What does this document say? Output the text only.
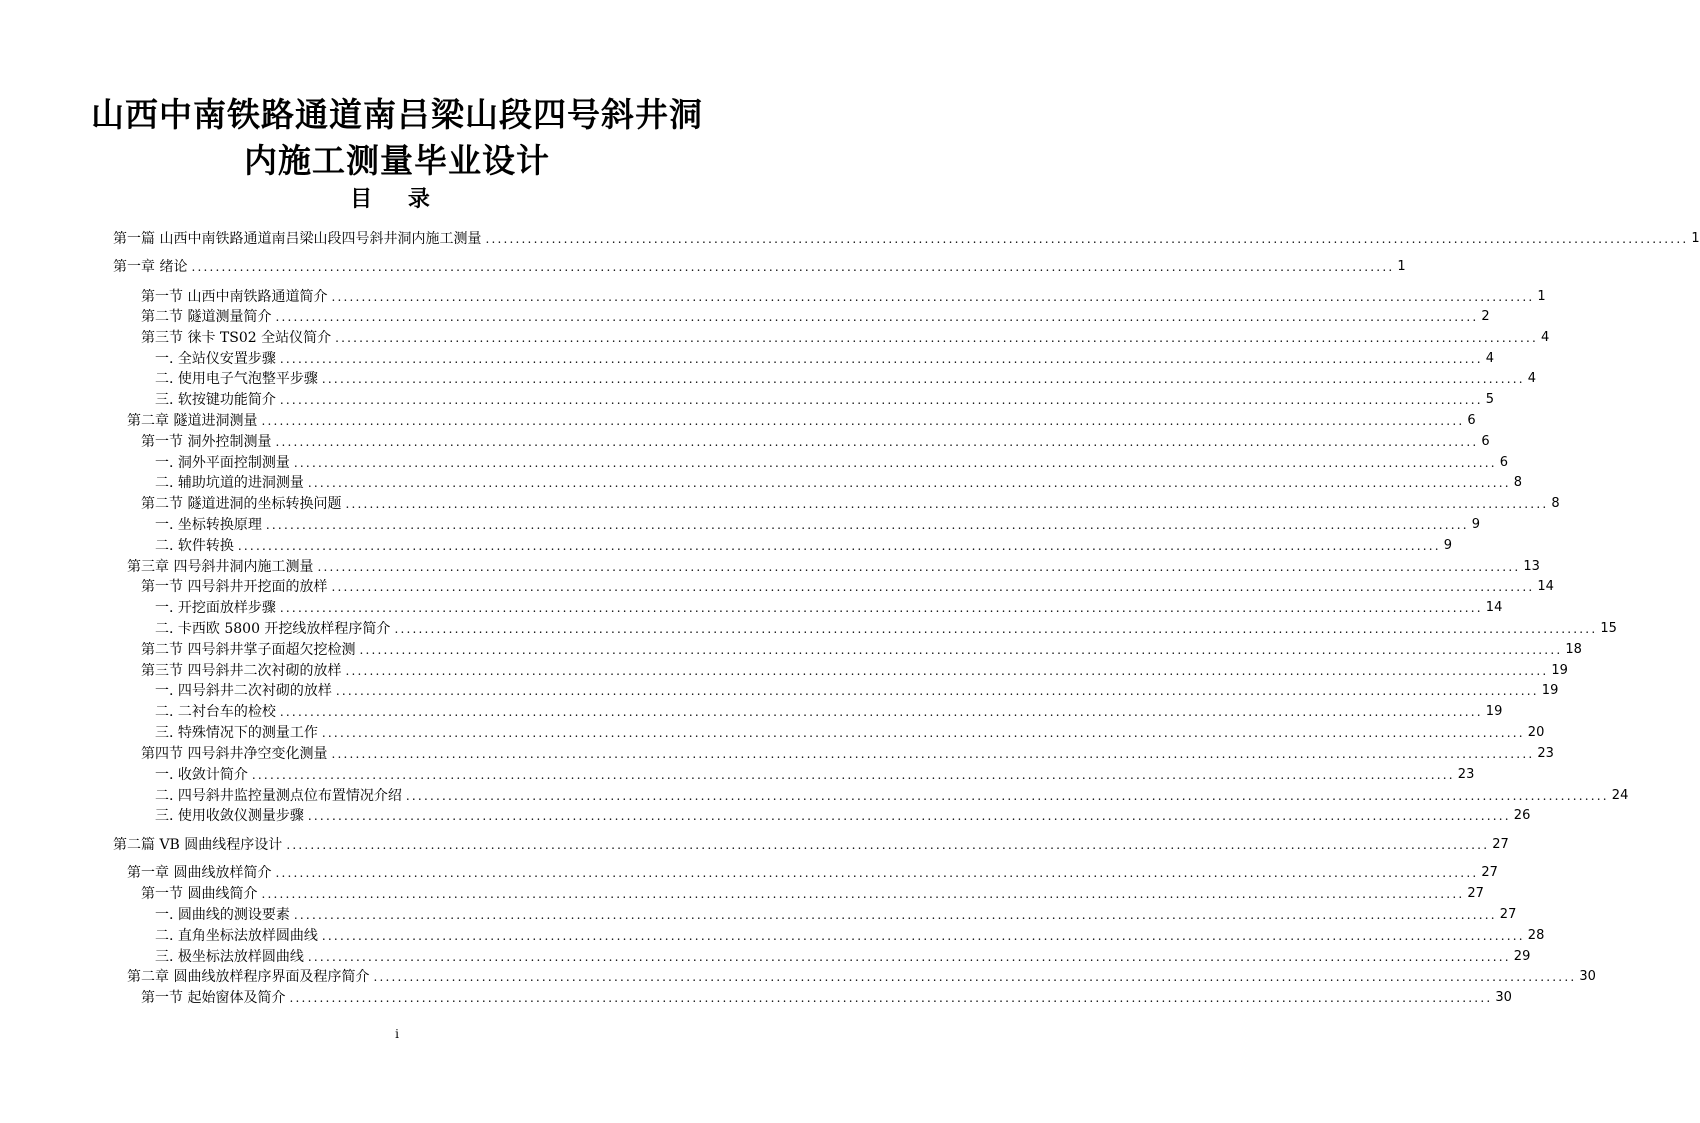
山西中南铁路通道南吕梁山段四号斜井洞
内施工测量毕业设计
目 录
第一篇 山西中南铁路通道南吕梁山段四号斜井洞内施工测量 ........................................................................................................................................................................................................ 1
第一章 绪论 ........................................................................................................................................................................................................ 1
第一节 山西中南铁路通道简介 ........................................................................................................................................................................................................ 1
第二节 隧道测量简介 ........................................................................................................................................................................................................ 2
第三节 徕卡 TS02 全站仪简介 ........................................................................................................................................................................................................ 4
一. 全站仪安置步骤 ........................................................................................................................................................................................................ 4
二. 使用电子气泡整平步骤 ........................................................................................................................................................................................................ 4
三. 软按键功能简介 ........................................................................................................................................................................................................ 5
第二章 隧道进洞测量 ........................................................................................................................................................................................................ 6
第一节 洞外控制测量 ........................................................................................................................................................................................................ 6
一. 洞外平面控制测量 ........................................................................................................................................................................................................ 6
二. 辅助坑道的进洞测量 ........................................................................................................................................................................................................ 8
第二节 隧道进洞的坐标转换问题 ........................................................................................................................................................................................................ 8
一. 坐标转换原理 ........................................................................................................................................................................................................ 9
二. 软件转换 ........................................................................................................................................................................................................ 9
第三章 四号斜井洞内施工测量 ........................................................................................................................................................................................................ 13
第一节 四号斜井开挖面的放样 ........................................................................................................................................................................................................ 14
一. 开挖面放样步骤 ........................................................................................................................................................................................................ 14
二. 卡西欧 5800 开挖线放样程序简介 ........................................................................................................................................................................................................ 15
第二节 四号斜井掌子面超欠挖检测 ........................................................................................................................................................................................................ 18
第三节 四号斜井二次衬砌的放样 ........................................................................................................................................................................................................ 19
一. 四号斜井二次衬砌的放样 ........................................................................................................................................................................................................ 19
二. 二衬台车的检校 ........................................................................................................................................................................................................ 19
三. 特殊情况下的测量工作 ........................................................................................................................................................................................................ 20
第四节 四号斜井净空变化测量 ........................................................................................................................................................................................................ 23
一. 收敛计简介 ........................................................................................................................................................................................................ 23
二. 四号斜井监控量测点位布置情况介绍 ........................................................................................................................................................................................................ 24
三. 使用收敛仪测量步骤 ........................................................................................................................................................................................................ 26
第二篇 VB 圆曲线程序设计 ........................................................................................................................................................................................................ 27
第一章 圆曲线放样简介 ........................................................................................................................................................................................................ 27
第一节 圆曲线简介 ........................................................................................................................................................................................................ 27
一. 圆曲线的测设要素 ........................................................................................................................................................................................................ 27
二. 直角坐标法放样圆曲线 ........................................................................................................................................................................................................ 28
三. 极坐标法放样圆曲线 ........................................................................................................................................................................................................ 29
第二章 圆曲线放样程序界面及程序简介 ........................................................................................................................................................................................................ 30
第一节 起始窗体及简介 ........................................................................................................................................................................................................ 30
i
